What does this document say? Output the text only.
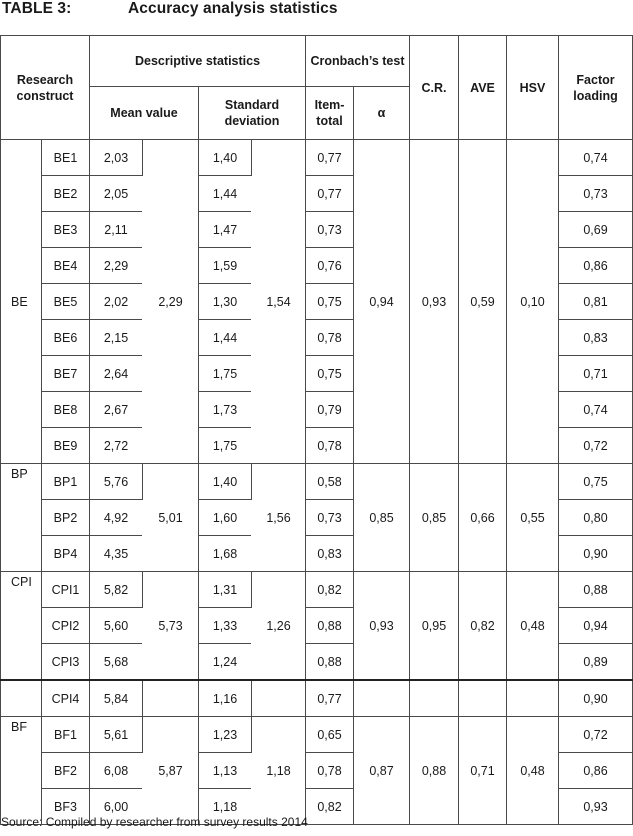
TABLE 3:	Accuracy analysis statistics
Research construct		Descriptive statistics				Cronbach’s test		C.R.	AVE	HSV	Factor loading
		Mean value		Standard deviation		Item-total	α				
BE	BE1	2,03	2,29	1,40	1,54	0,77	0,94	0,93	0,59	0,10	0,74
	BE2	2,05		1,44		0,77					0,73
	BE3	2,11		1,47		0,73					0,69
	BE4	2,29		1,59		0,76					0,86
	BE5	2,02		1,30		0,75					0,81
	BE6	2,15		1,44		0,78					0,83
	BE7	2,64		1,75		0,75					0,71
	BE8	2,67		1,73		0,79					0,74
	BE9	2,72		1,75		0,78					0,72
BP	BP1	5,76	5,01	1,40	1,56	0,58	0,85	0,85	0,66	0,55	0,75
	BP2	4,92		1,60		0,73					0,80
	BP4	4,35		1,68		0,83					0,90
CPI	CPI1	5,82	5,73	1,31	1,26	0,82	0,93	0,95	0,82	0,48	0,88
	CPI2	5,60		1,33		0,88					0,94
	CPI3	5,68		1,24		0,88					0,89
	CPI4	5,84		1,16		0,77					0,90
BF	BF1	5,61	5,87	1,23	1,18	0,65	0,87	0,88	0,71	0,48	0,72
	BF2	6,08		1,13		0,78					0,86
	BF3	6,00		1,18		0,82					0,93
Source: Compiled by researcher from survey results 2014
